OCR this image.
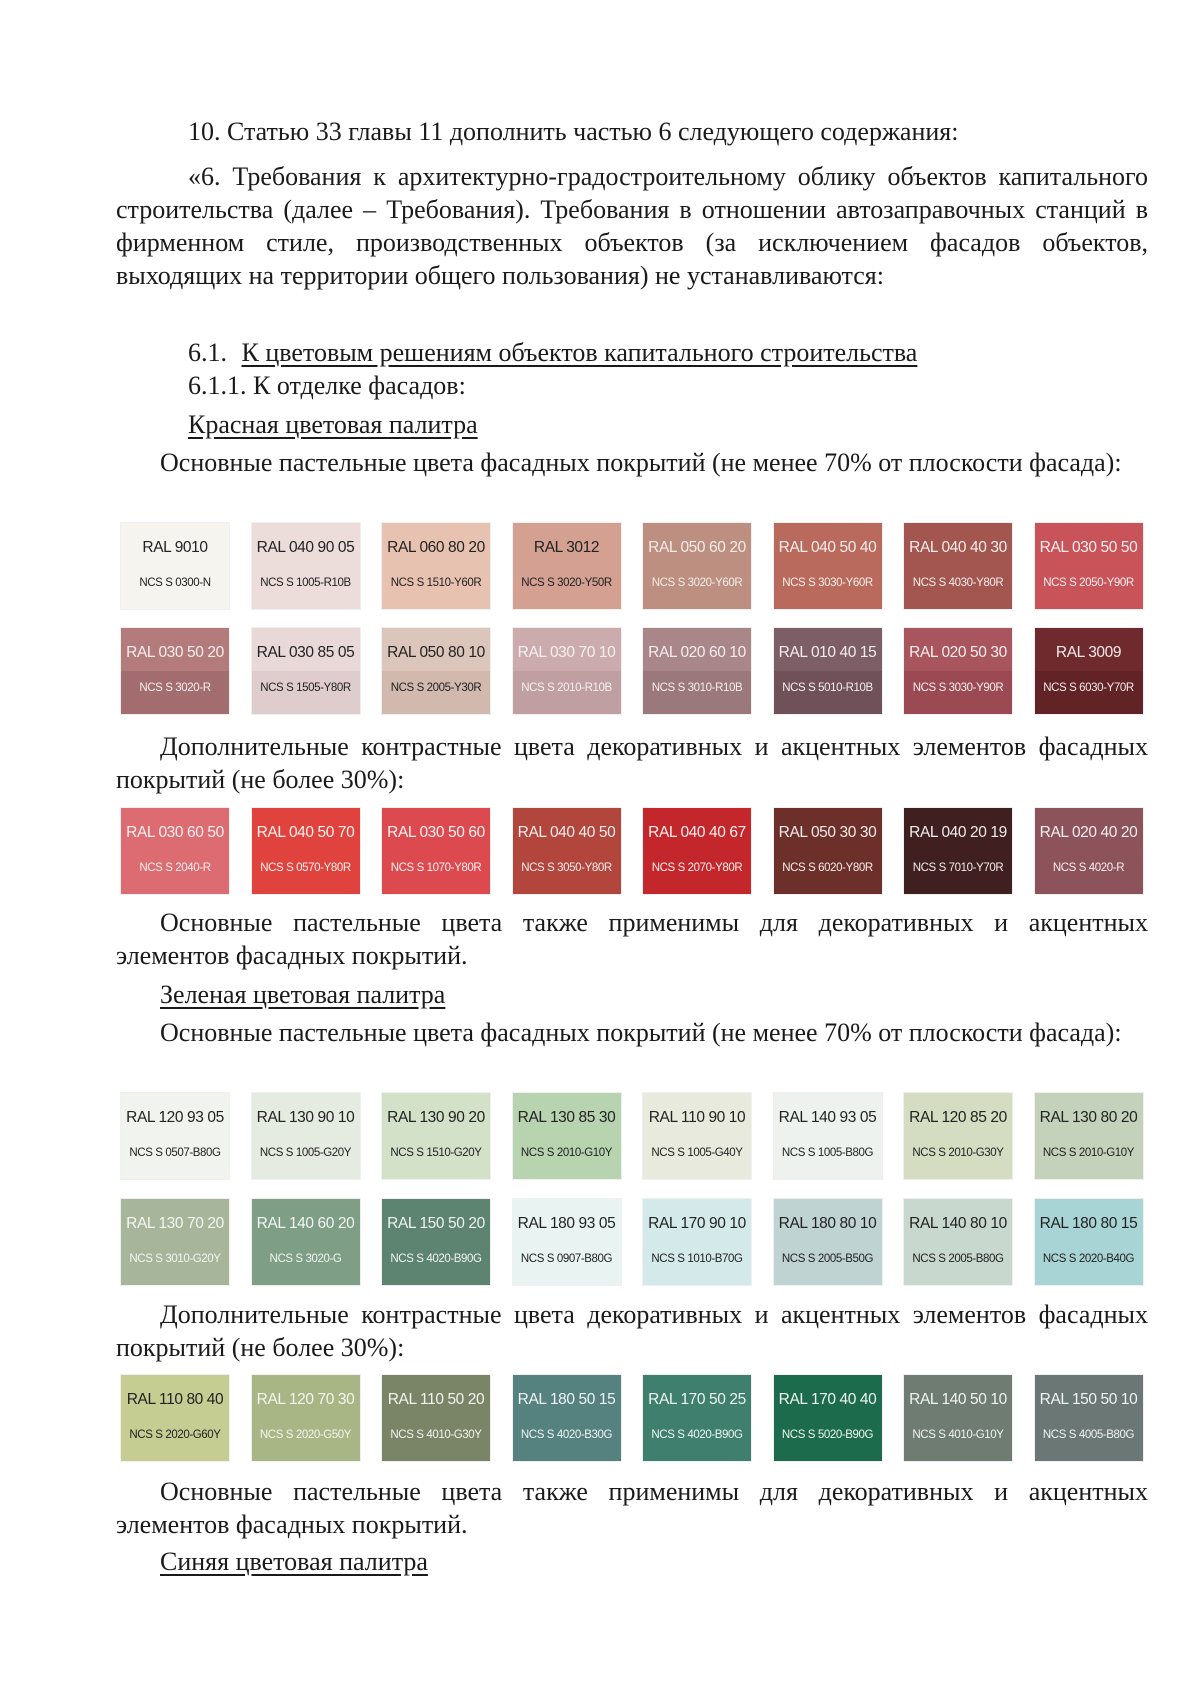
10. Статью 33 главы 11 дополнить частью 6 следующего содержания:
«6. Требования к архитектурно-градостроительному облику объектов капитального строительства (далее – Требования). Требования в отношении автозаправочных станций в фирменном стиле, производственных объектов (за исключением фасадов объектов, выходящих на территории общего пользования) не устанавливаются:
6.1. К цветовым решениям объектов капитального строительства
6.1.1. К отделке фасадов:
Красная цветовая палитра
Основные пастельные цвета фасадных покрытий (не менее 70% от плоскости фасада):
RAL 9010
NCS S 0300-N
RAL 040 90 05
NCS S 1005-R10B
RAL 060 80 20
NCS S 1510-Y60R
RAL 3012
NCS S 3020-Y50R
RAL 050 60 20
NCS S 3020-Y60R
RAL 040 50 40
NCS S 3030-Y60R
RAL 040 40 30
NCS S 4030-Y80R
RAL 030 50 50
NCS S 2050-Y90R
RAL 030 50 20
NCS S 3020-R
RAL 030 85 05
NCS S 1505-Y80R
RAL 050 80 10
NCS S 2005-Y30R
RAL 030 70 10
NCS S 2010-R10B
RAL 020 60 10
NCS S 3010-R10B
RAL 010 40 15
NCS S 5010-R10B
RAL 020 50 30
NCS S 3030-Y90R
RAL 3009
NCS S 6030-Y70R
Дополнительные контрастные цвета декоративных и акцентных элементов фасадных покрытий (не более 30%):
RAL 030 60 50
NCS S 2040-R
RAL 040 50 70
NCS S 0570-Y80R
RAL 030 50 60
NCS S 1070-Y80R
RAL 040 40 50
NCS S 3050-Y80R
RAL 040 40 67
NCS S 2070-Y80R
RAL 050 30 30
NCS S 6020-Y80R
RAL 040 20 19
NCS S 7010-Y70R
RAL 020 40 20
NCS S 4020-R
Основные пастельные цвета также применимы для декоративных и акцентных элементов фасадных покрытий.
Зеленая цветовая палитра
Основные пастельные цвета фасадных покрытий (не менее 70% от плоскости фасада):
RAL 120 93 05
NCS S 0507-B80G
RAL 130 90 10
NCS S 1005-G20Y
RAL 130 90 20
NCS S 1510-G20Y
RAL 130 85 30
NCS S 2010-G10Y
RAL 110 90 10
NCS S 1005-G40Y
RAL 140 93 05
NCS S 1005-B80G
RAL 120 85 20
NCS S 2010-G30Y
RAL 130 80 20
NCS S 2010-G10Y
RAL 130 70 20
NCS S 3010-G20Y
RAL 140 60 20
NCS S 3020-G
RAL 150 50 20
NCS S 4020-B90G
RAL 180 93 05
NCS S 0907-B80G
RAL 170 90 10
NCS S 1010-B70G
RAL 180 80 10
NCS S 2005-B50G
RAL 140 80 10
NCS S 2005-B80G
RAL 180 80 15
NCS S 2020-B40G
Дополнительные контрастные цвета декоративных и акцентных элементов фасадных покрытий (не более 30%):
RAL 110 80 40
NCS S 2020-G60Y
RAL 120 70 30
NCS S 2020-G50Y
RAL 110 50 20
NCS S 4010-G30Y
RAL 180 50 15
NCS S 4020-B30G
RAL 170 50 25
NCS S 4020-B90G
RAL 170 40 40
NCS S 5020-B90G
RAL 140 50 10
NCS S 4010-G10Y
RAL 150 50 10
NCS S 4005-B80G
Основные пастельные цвета также применимы для декоративных и акцентных элементов фасадных покрытий.
Синяя цветовая палитра
